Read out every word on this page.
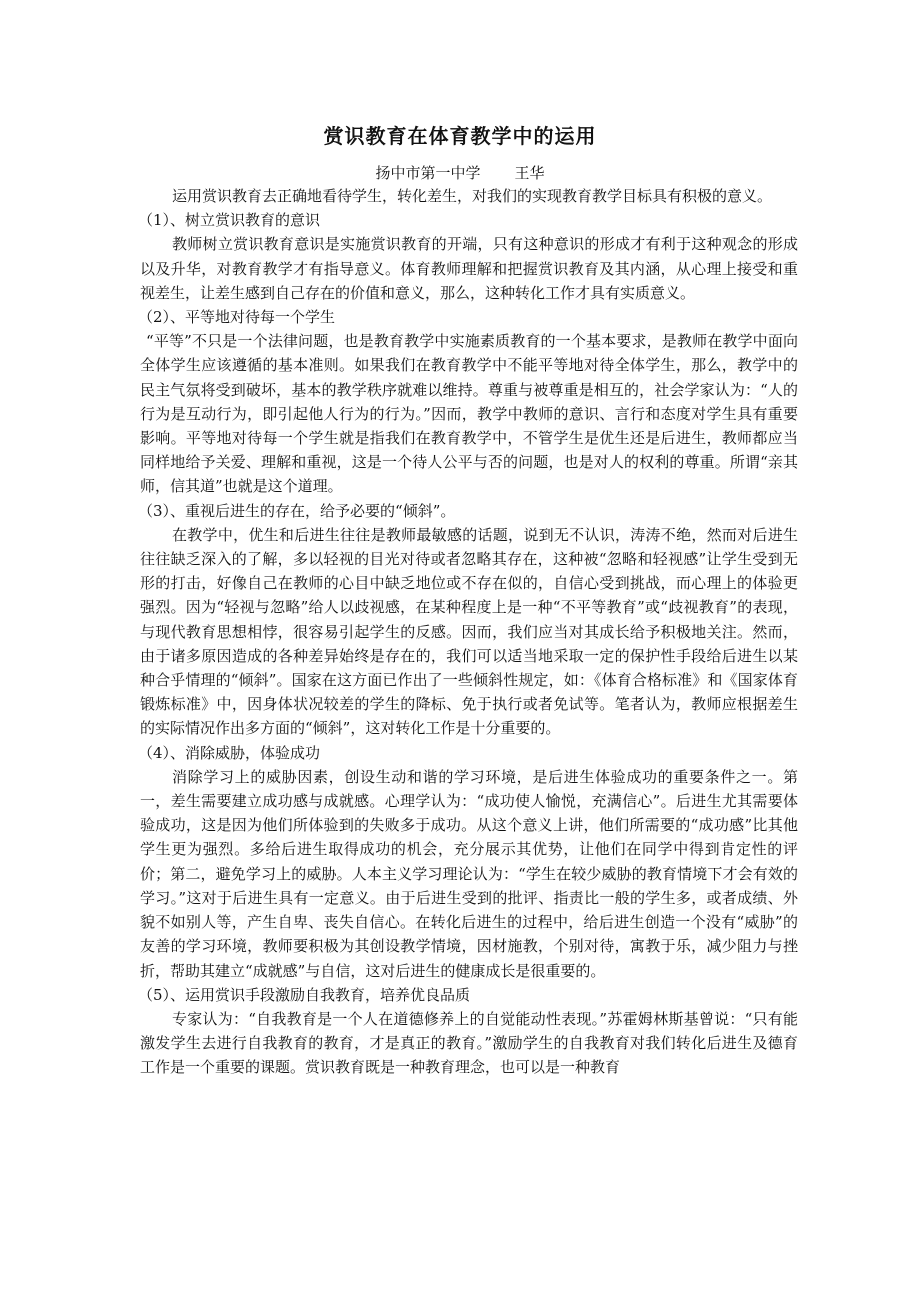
赏识教育在体育教学中的运用
扬中市第一中学 王华

运用赏识教育去正确地看待学生，转化差生，对我们的实现教育教学目标具有积极的意义。

（1）、树立赏识教育的意识

教师树立赏识教育意识是实施赏识教育的开端，只有这种意识的形成才有利于这种观念的形成以及升华，对教育教学才有指导意义。体育教师理解和把握赏识教育及其内涵，从心理上接受和重视差生，让差生感到自己存在的价值和意义，那么，这种转化工作才具有实质意义。

（2）、平等地对待每一个学生

“平等”不只是一个法律问题，也是教育教学中实施素质教育的一个基本要求，是教师在教学中面向全体学生应该遵循的基本准则。如果我们在教育教学中不能平等地对待全体学生，那么，教学中的民主气氛将受到破坏，基本的教学秩序就难以维持。尊重与被尊重是相互的，社会学家认为：“人的行为是互动行为，即引起他人行为的行为。”因而，教学中教师的意识、言行和态度对学生具有重要影响。平等地对待每一个学生就是指我们在教育教学中，不管学生是优生还是后进生，教师都应当同样地给予关爱、理解和重视，这是一个待人公平与否的问题，也是对人的权利的尊重。所谓“亲其师，信其道”也就是这个道理。

（3）、重视后进生的存在，给予必要的“倾斜”。

在教学中，优生和后进生往往是教师最敏感的话题，说到无不认识，涛涛不绝，然而对后进生往往缺乏深入的了解，多以轻视的目光对待或者忽略其存在，这种被“忽略和轻视感”让学生受到无形的打击，好像自己在教师的心目中缺乏地位或不存在似的，自信心受到挑战，而心理上的体验更强烈。因为“轻视与忽略”给人以歧视感，在某种程度上是一种“不平等教育”或“歧视教育”的表现，与现代教育思想相悖，很容易引起学生的反感。因而，我们应当对其成长给予积极地关注。然而，由于诸多原因造成的各种差异始终是存在的，我们可以适当地采取一定的保护性手段给后进生以某种合乎情理的“倾斜”。国家在这方面已作出了一些倾斜性规定，如：《体育合格标准》和《国家体育锻炼标准》中，因身体状况较差的学生的降标、免于执行或者免试等。笔者认为，教师应根据差生的实际情况作出多方面的“倾斜”，这对转化工作是十分重要的。

（4）、消除威胁，体验成功

消除学习上的威胁因素，创设生动和谐的学习环境，是后进生体验成功的重要条件之一。第一，差生需要建立成功感与成就感。心理学认为：“成功使人愉悦，充满信心”。后进生尤其需要体验成功，这是因为他们所体验到的失败多于成功。从这个意义上讲，他们所需要的“成功感”比其他学生更为强烈。多给后进生取得成功的机会，充分展示其优势，让他们在同学中得到肯定性的评价；第二，避免学习上的威胁。人本主义学习理论认为：“学生在较少威胁的教育情境下才会有效的学习。”这对于后进生具有一定意义。由于后进生受到的批评、指责比一般的学生多，或者成绩、外貌不如别人等，产生自卑、丧失自信心。在转化后进生的过程中，给后进生创造一个没有“威胁”的友善的学习环境，教师要积极为其创设教学情境，因材施教，个别对待，寓教于乐，减少阻力与挫折，帮助其建立“成就感”与自信，这对后进生的健康成长是很重要的。

（5）、运用赏识手段激励自我教育，培养优良品质

专家认为：“自我教育是一个人在道德修养上的自觉能动性表现。”苏霍姆林斯基曾说：“只有能激发学生去进行自我教育的教育，才是真正的教育。”激励学生的自我教育对我们转化后进生及德育工作是一个重要的课题。赏识教育既是一种教育理念，也可以是一种教育
